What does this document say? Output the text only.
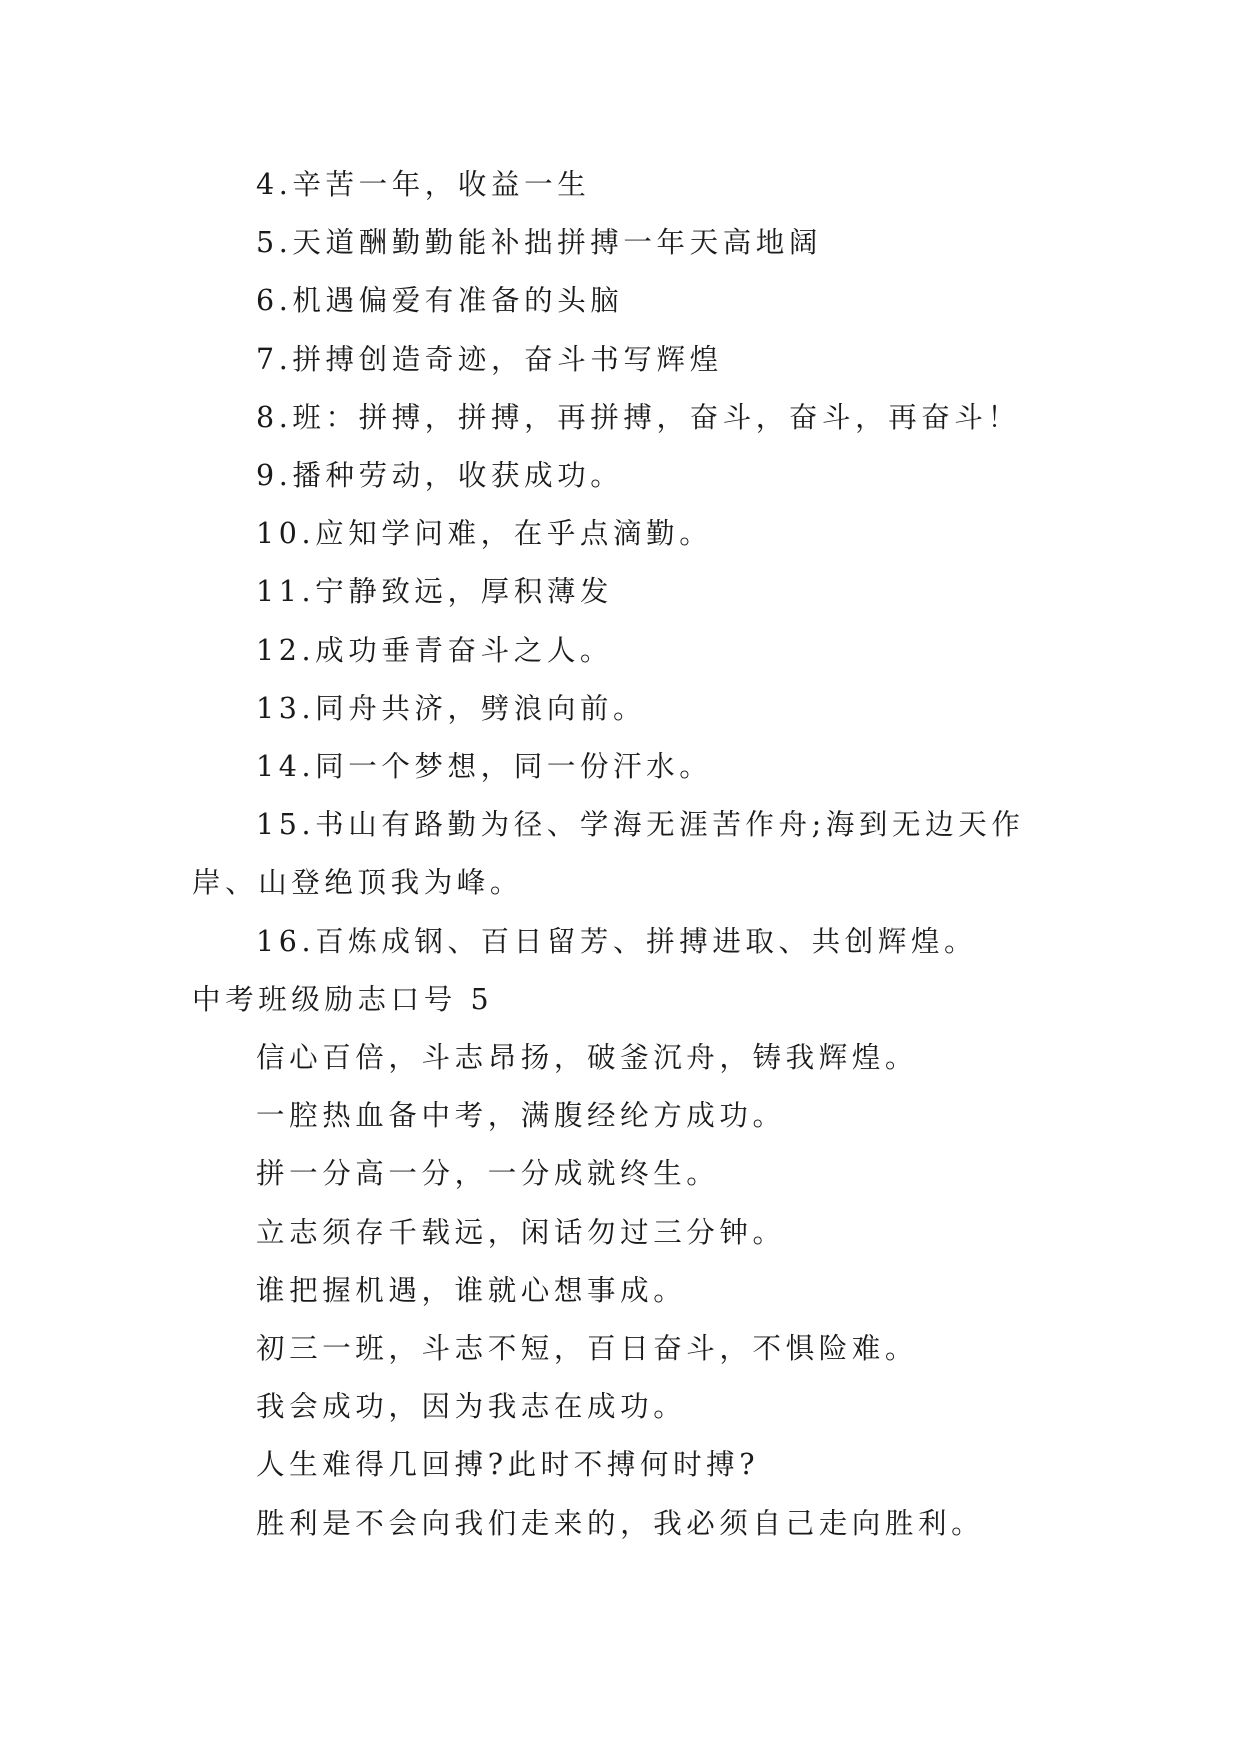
4.辛苦一年，收益一生

5.天道酬勤勤能补拙拼搏一年天高地阔

6.机遇偏爱有准备的头脑

7.拼搏创造奇迹，奋斗书写辉煌

8.班：拼搏，拼搏，再拼搏，奋斗，奋斗，再奋斗！

9.播种劳动，收获成功。

10.应知学问难，在乎点滴勤。

11.宁静致远，厚积薄发

12.成功垂青奋斗之人。

13.同舟共济，劈浪向前。

14.同一个梦想，同一份汗水。

15.书山有路勤为径、学海无涯苦作舟;海到无边天作岸、山登绝顶我为峰。

16.百炼成钢、百日留芳、拼搏进取、共创辉煌。

中考班级励志口号 5

信心百倍，斗志昂扬，破釜沉舟，铸我辉煌。

一腔热血备中考，满腹经纶方成功。

拼一分高一分，一分成就终生。

立志须存千载远，闲话勿过三分钟。

谁把握机遇，谁就心想事成。

初三一班，斗志不短，百日奋斗，不惧险难。

我会成功，因为我志在成功。

人生难得几回搏?此时不搏何时搏?

胜利是不会向我们走来的，我必须自己走向胜利。
